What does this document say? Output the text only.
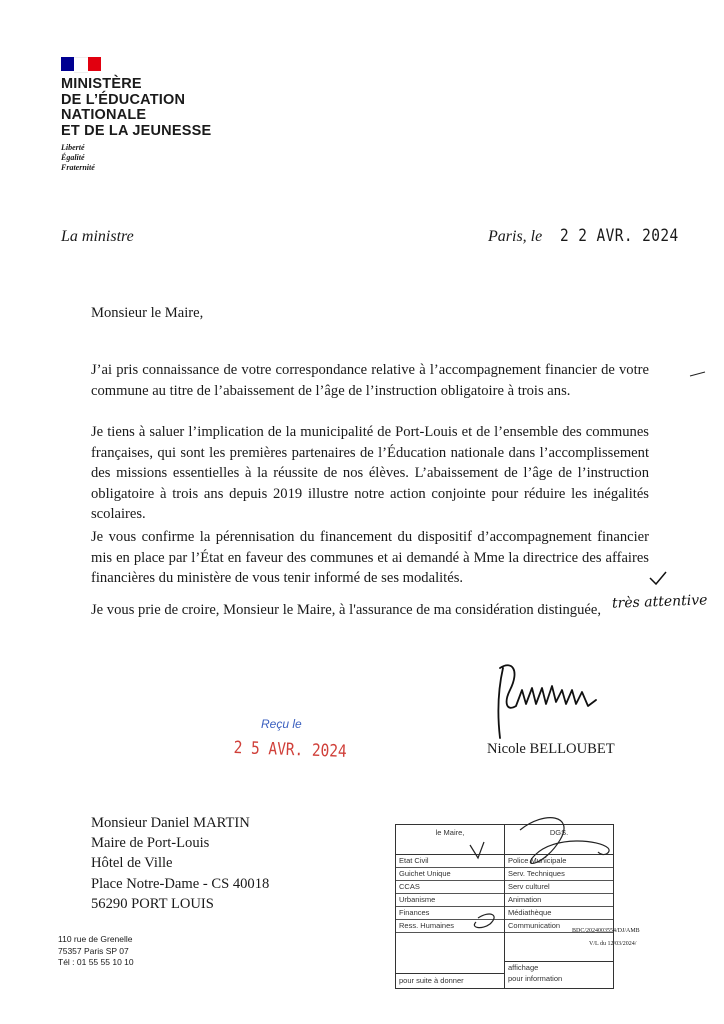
MINISTÈRE
DE L’ÉDUCATION
NATIONALE
ET DE LA JEUNESSE
Liberté
Égalité
Fraternité
La ministre	Paris, le 2 2 AVR. 2024
Monsieur le Maire,
J’ai pris connaissance de votre correspondance relative à l’accompagnement financier de votre commune au titre de l’abaissement de l’âge de l’instruction obligatoire à trois ans.
Je tiens à saluer l’implication de la municipalité de Port-Louis et de l’ensemble des communes françaises, qui sont les premières partenaires de l’Éducation nationale dans l’accomplissement des missions essentielles à la réussite de nos élèves. L’abaissement de l’âge de l’instruction obligatoire à trois ans depuis 2019 illustre notre action conjointe pour réduire les inégalités scolaires.
Je vous confirme la pérennisation du financement du dispositif d’accompagnement financier mis en place par l’État en faveur des communes et ai demandé à Mme la directrice des affaires financières du ministère de vous tenir informé de ses modalités.
Je vous prie de croire, Monsieur le Maire, à l'assurance de ma considération distinguée, très attentive
Nicole BELLOUBET
Reçu le
2 5 AVR. 2024
Monsieur Daniel MARTIN
Maire de Port-Louis
Hôtel de Ville
Place Notre-Dame - CS 40018
56290 PORT LOUIS
110 rue de Grenelle
75357 Paris SP 07
Tél : 01 55 55 10 10
le Maire,
Etat Civil
Guichet Unique
CCAS
Urbanisme
Finances
Ress. Humaines
pour suite à donner
DGS.
Police Municipale
Serv. Techniques
Serv culturel
Animation
Médiathèque
Communication
affichage
pour information
BDC/2024003554/DJ/AMB
V/L du 12/03/2024/
